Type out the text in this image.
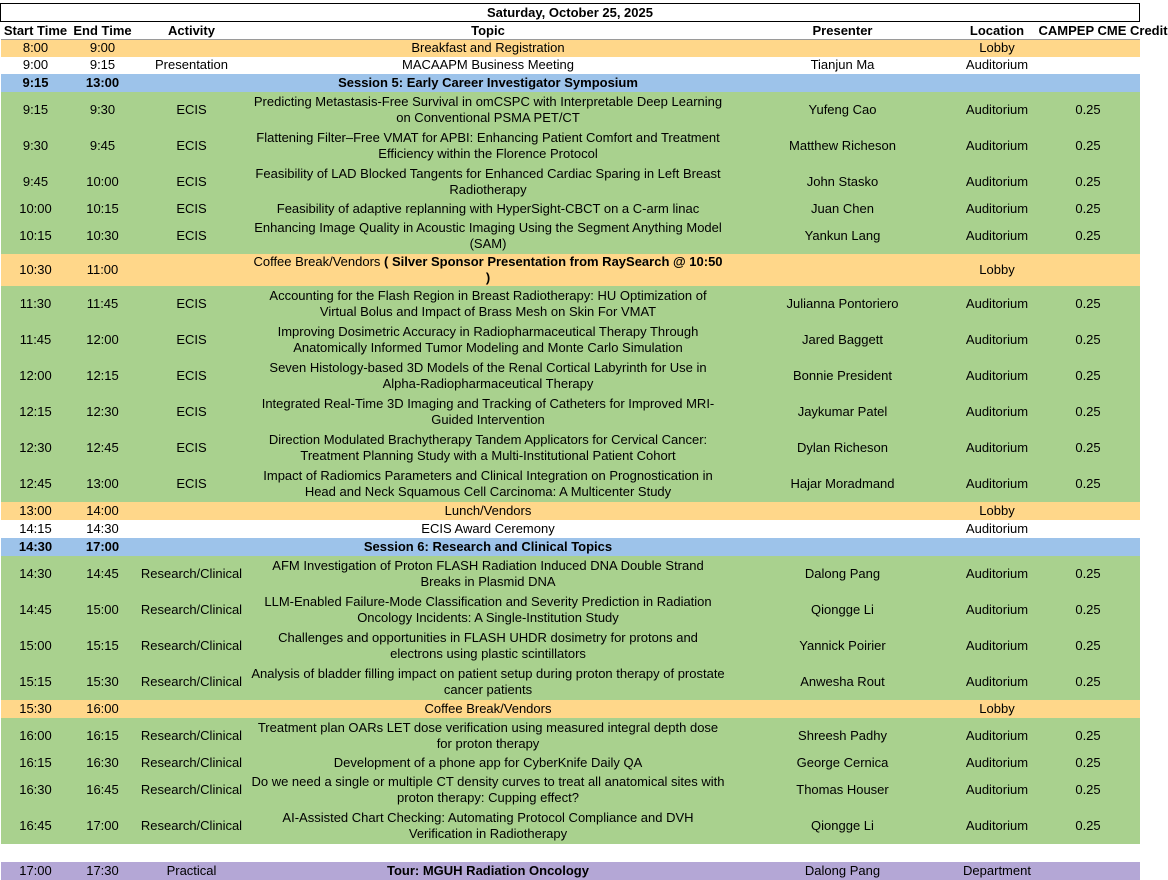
Saturday, October 25, 2025						
Start Time	End Time	Activity	Topic	Presenter	Location	CAMPEP CME Credit
8:00	9:00		Breakfast and Registration		Lobby	
9:00	9:15	Presentation	MACAAPM Business Meeting	Tianjun Ma	Auditorium	
9:15	13:00		Session 5: Early Career Investigator Symposium			
9:15	9:30	ECIS	Predicting Metastasis-Free Survival in omCSPC with Interpretable Deep Learning on Conventional PSMA PET/CT	Yufeng Cao	Auditorium	0.25
9:30	9:45	ECIS	Flattening Filter–Free VMAT for APBI: Enhancing Patient Comfort and Treatment Efficiency within the Florence Protocol	Matthew Richeson	Auditorium	0.25
9:45	10:00	ECIS	Feasibility of LAD Blocked Tangents for Enhanced Cardiac Sparing in Left Breast Radiotherapy	John Stasko	Auditorium	0.25
10:00	10:15	ECIS	Feasibility of adaptive replanning with HyperSight-CBCT on a C-arm linac	Juan Chen	Auditorium	0.25
10:15	10:30	ECIS	Enhancing Image Quality in Acoustic Imaging Using the Segment Anything Model (SAM)	Yankun Lang	Auditorium	0.25
10:30	11:00		Coffee Break/Vendors ( Silver Sponsor Presentation from RaySearch @ 10:50 )		Lobby	
11:30	11:45	ECIS	Accounting for the Flash Region in Breast Radiotherapy: HU Optimization of Virtual Bolus and Impact of Brass Mesh on Skin For VMAT	Julianna Pontoriero	Auditorium	0.25
11:45	12:00	ECIS	Improving Dosimetric Accuracy in Radiopharmaceutical Therapy Through Anatomically Informed Tumor Modeling and Monte Carlo Simulation	Jared Baggett	Auditorium	0.25
12:00	12:15	ECIS	Seven Histology-based 3D Models of the Renal Cortical Labyrinth for Use in Alpha-Radiopharmaceutical Therapy	Bonnie President	Auditorium	0.25
12:15	12:30	ECIS	Integrated Real-Time 3D Imaging and Tracking of Catheters for Improved MRI-Guided Intervention	Jaykumar Patel	Auditorium	0.25
12:30	12:45	ECIS	Direction Modulated Brachytherapy Tandem Applicators for Cervical Cancer: Treatment Planning Study with a Multi-Institutional Patient Cohort	Dylan Richeson	Auditorium	0.25
12:45	13:00	ECIS	Impact of Radiomics Parameters and Clinical Integration on Prognostication in Head and Neck Squamous Cell Carcinoma: A Multicenter Study	Hajar Moradmand	Auditorium	0.25
13:00	14:00		Lunch/Vendors		Lobby	
14:15	14:30		ECIS Award Ceremony		Auditorium	
14:30	17:00		Session 6: Research and Clinical Topics			
14:30	14:45	Research/Clinical	AFM Investigation of Proton FLASH Radiation Induced DNA Double Strand Breaks in Plasmid DNA	Dalong Pang	Auditorium	0.25
14:45	15:00	Research/Clinical	LLM-Enabled Failure-Mode Classification and Severity Prediction in Radiation Oncology Incidents: A Single-Institution Study	Qiongge Li	Auditorium	0.25
15:00	15:15	Research/Clinical	Challenges and opportunities in FLASH UHDR dosimetry for protons and electrons using plastic scintillators	Yannick Poirier	Auditorium	0.25
15:15	15:30	Research/Clinical	Analysis of bladder filling impact on patient setup during proton therapy of prostate cancer patients	Anwesha Rout	Auditorium	0.25
15:30	16:00		Coffee Break/Vendors		Lobby	
16:00	16:15	Research/Clinical	Treatment plan OARs LET dose verification using measured integral depth dose for proton therapy	Shreesh Padhy	Auditorium	0.25
16:15	16:30	Research/Clinical	Development of a phone app for CyberKnife Daily QA	George Cernica	Auditorium	0.25
16:30	16:45	Research/Clinical	Do we need a single or multiple CT density curves to treat all anatomical sites with proton therapy: Cupping effect?	Thomas Houser	Auditorium	0.25
16:45	17:00	Research/Clinical	AI-Assisted Chart Checking: Automating Protocol Compliance and DVH Verification in Radiotherapy	Qiongge Li	Auditorium	0.25

17:00	17:30	Practical	Tour: MGUH Radiation Oncology	Dalong Pang	Department	
